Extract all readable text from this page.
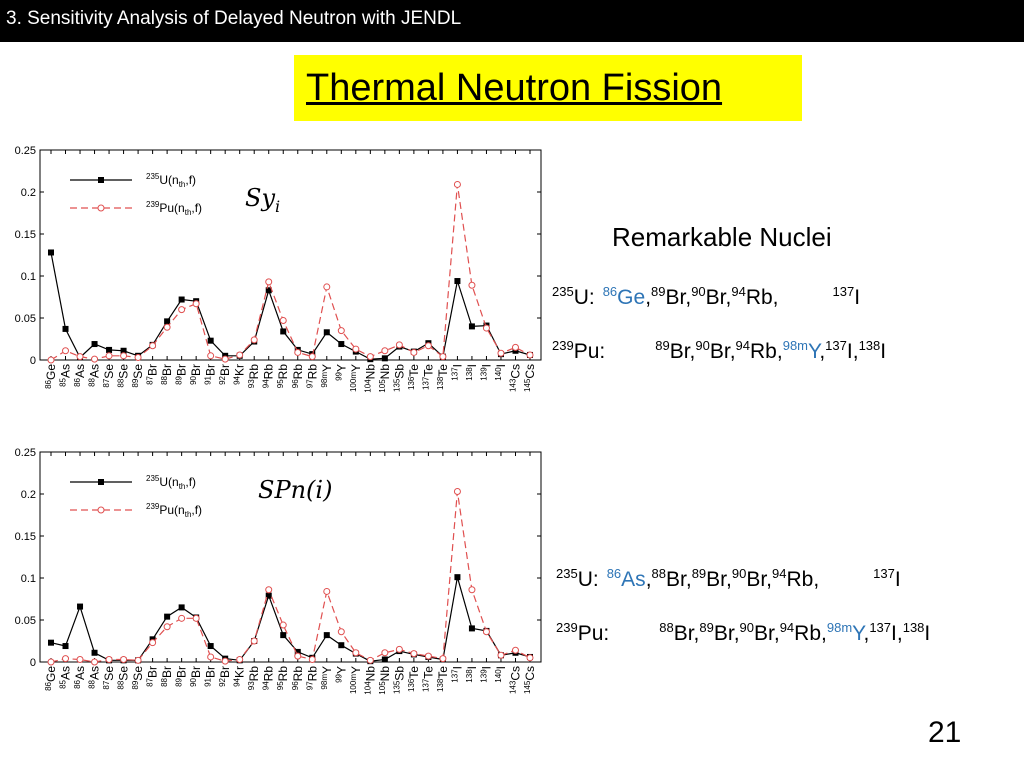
3. Sensitivity Analysis of Delayed Neutron with JENDL
Thermal Neutron Fission
0
0.05
0.1
0.15
0.2
0.25
$^{86}$Ge
$^{85}$As
$^{86}$As
$^{88}$As
$^{87}$Se
$^{88}$Se
$^{89}$Se
$^{87}$Br
$^{88}$Br
$^{89}$Br
$^{90}$Br
$^{91}$Br
$^{92}$Br
$^{94}$Kr
$^{93}$Rb
$^{94}$Rb
$^{95}$Rb
$^{96}$Rb
$^{97}$Rb
$^{98m}$Y
$^{99}$Y
$^{100m}$Y
$^{104}$Nb
$^{105}$Nb
$^{135}$Sb
$^{136}$Te
$^{137}$Te
$^{138}$Te $^{137}$I
$^{138}$I
$^{139}$I
$^{140}$I
$^{143}$Cs
$^{145}$Cs
$^{235}U(n_{th},f)$
$^{239}Pu(n_{th},f)$
0
0.05
0.1
0.15
0.2
0.25
$^{86}$Ge
$^{85}$As
$^{86}$As
$^{88}$As
$^{87}$Se
$^{88}$Se
$^{89}$Se
$^{87}$Br
$^{88}$Br
$^{89}$Br
$^{90}$Br
$^{91}$Br
$^{92}$Br
$^{94}$Kr
$^{93}$Rb
$^{94}$Rb
$^{95}$Rb
$^{96}$Rb
$^{97}$Rb
$^{98m}$Y
$^{99}$Y
$^{100m}$Y
$^{104}$Nb
$^{105}$Nb
$^{135}$Sb
$^{136}$Te
$^{137}$Te
$^{138}$Te $^{137}$I
$^{138}$I
$^{139}$I
$^{140}$I
$^{143}$Cs
$^{145}$Cs
$^{235}U(n_{th},f)$
$^{239}Pu(n_{th},f)$
$Sy_i$
SPn(i)
Remarkable Nuclei
$^{235}$U: $^{86}$Ge,$^{89}$Br,$^{90}$Br,$^{94}$Rb,	$^{137}$I
$^{239}$Pu:	$^{89}$Br,$^{90}$Br,$^{94}$Rb,$^{98m}$Y,$^{137}$I,$^{138}$I
$^{235}$U: $^{86}$As,$^{88}$Br,$^{89}$Br,$^{90}$Br,$^{94}$Rb,	$^{137}$I
$^{239}$Pu:	$^{88}$Br,$^{89}$Br,$^{90}$Br,$^{94}$Rb,$^{98m}$Y,$^{137}$I,$^{138}$I
21
